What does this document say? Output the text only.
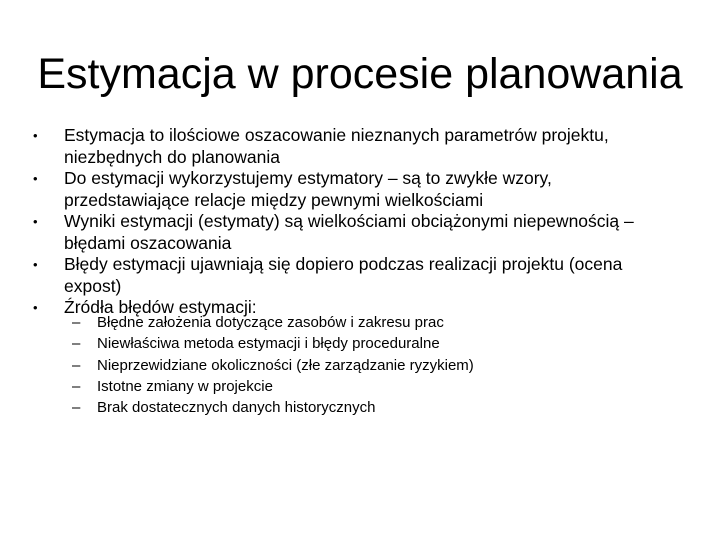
Estymacja w procesie planowania
• Estymacja to ilościowe oszacowanie nieznanych parametrów projektu, niezbędnych do planowania
• Do estymacji wykorzystujemy estymatory – są to zwykłe wzory, przedstawiające relacje między pewnymi wielkościami
• Wyniki estymacji (estymaty) są wielkościami obciążonymi niepewnością – błędami oszacowania
• Błędy estymacji ujawniają się dopiero podczas realizacji projektu (ocena expost)
• Źródła błędów estymacji:
– Błędne założenia dotyczące zasobów i zakresu prac
– Niewłaściwa metoda estymacji i błędy proceduralne
– Nieprzewidziane okoliczności (złe zarządzanie ryzykiem)
– Istotne zmiany w projekcie
– Brak dostatecznych danych historycznych
